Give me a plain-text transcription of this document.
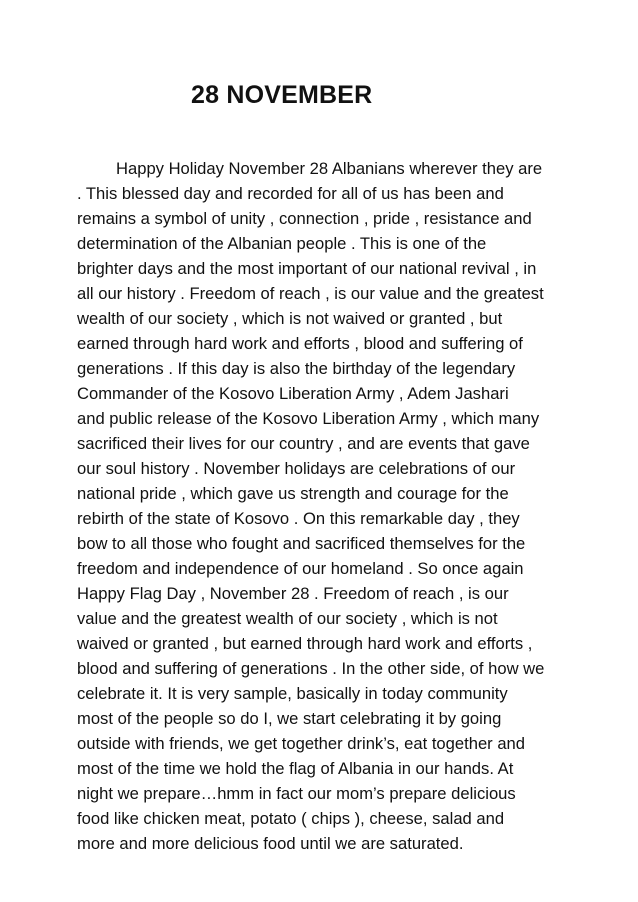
28 NOVEMBER
Happy Holiday November 28 Albanians wherever they are
. This blessed day and recorded for all of us has been and
remains a symbol of unity , connection , pride , resistance and
determination of the Albanian people . This is one of the
brighter days and the most important of our national revival , in
all our history . Freedom of reach , is our value and the greatest
wealth of our society , which is not waived or granted , but
earned through hard work and efforts , blood and suffering of
generations . If this day is also the birthday of the legendary
Commander of the Kosovo Liberation Army , Adem Jashari
and public release of the Kosovo Liberation Army , which many
sacrificed their lives for our country , and are events that gave
our soul history . November holidays are celebrations of our
national pride , which gave us strength and courage for the
rebirth of the state of Kosovo . On this remarkable day , they
bow to all those who fought and sacrificed themselves for the
freedom and independence of our homeland . So once again
Happy Flag Day , November 28 . Freedom of reach , is our
value and the greatest wealth of our society , which is not
waived or granted , but earned through hard work and efforts ,
blood and suffering of generations . In the other side, of how we
celebrate it. It is very sample, basically in today community
most of the people so do I, we start celebrating it by going
outside with friends, we get together drink’s, eat together and
most of the time we hold the flag of Albania in our hands. At
night we prepare…hmm in fact our mom’s prepare delicious
food like chicken meat, potato ( chips ), cheese, salad and
more and more delicious food until we are saturated.
